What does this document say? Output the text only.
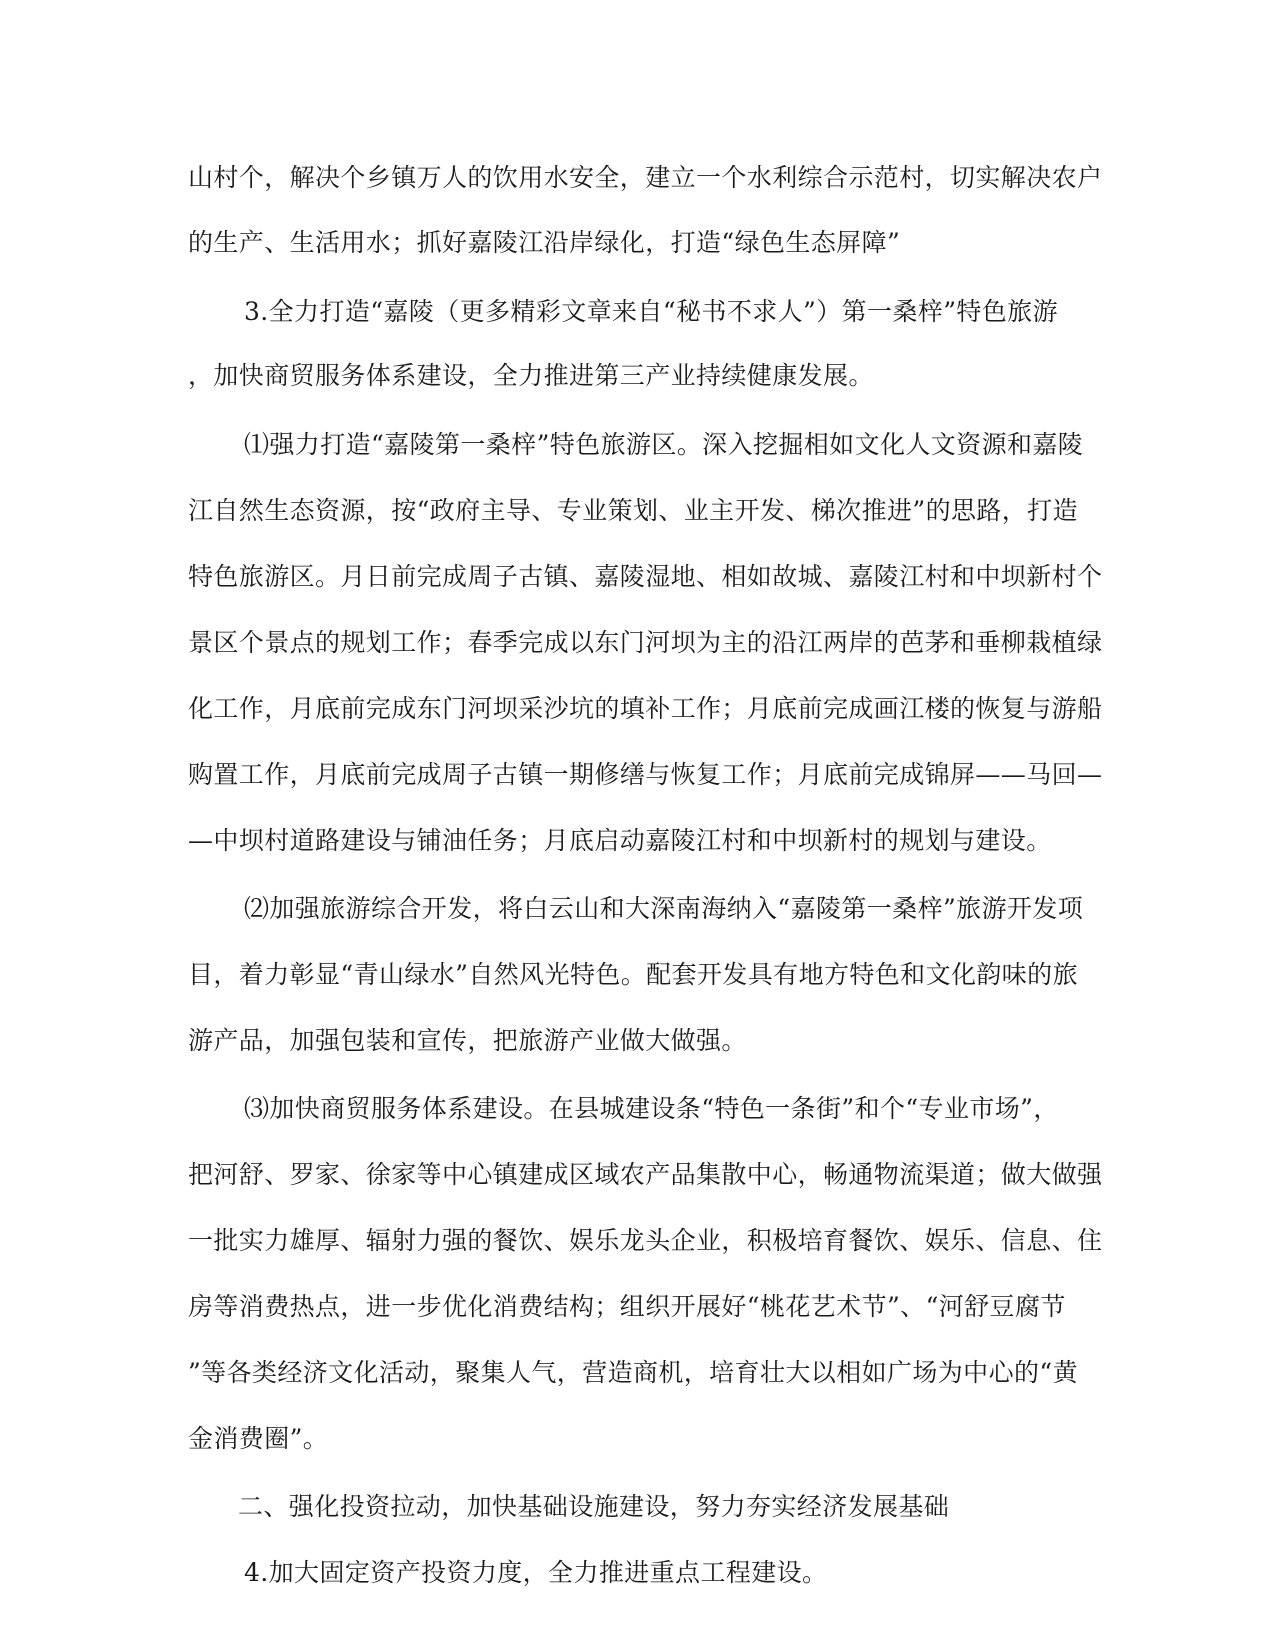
山村个，解决个乡镇万人的饮用水安全，建立一个水利综合示范村，切实解决农户
的生产、生活用水；抓好嘉陵江沿岸绿化，打造“绿色生态屏障”
3.全力打造“嘉陵（更多精彩文章来自“秘书不求人”）第一桑梓”特色旅游
，加快商贸服务体系建设，全力推进第三产业持续健康发展。
⑴强力打造“嘉陵第一桑梓”特色旅游区。深入挖掘相如文化人文资源和嘉陵
江自然生态资源，按“政府主导、专业策划、业主开发、梯次推进”的思路，打造
特色旅游区。月日前完成周子古镇、嘉陵湿地、相如故城、嘉陵江村和中坝新村个
景区个景点的规划工作；春季完成以东门河坝为主的沿江两岸的芭茅和垂柳栽植绿
化工作，月底前完成东门河坝采沙坑的填补工作；月底前完成画江楼的恢复与游船
购置工作，月底前完成周子古镇一期修缮与恢复工作；月底前完成锦屏——马回—
—中坝村道路建设与铺油任务；月底启动嘉陵江村和中坝新村的规划与建设。
⑵加强旅游综合开发，将白云山和大深南海纳入“嘉陵第一桑梓”旅游开发项
目，着力彰显“青山绿水”自然风光特色。配套开发具有地方特色和文化韵味的旅
游产品，加强包装和宣传，把旅游产业做大做强。
⑶加快商贸服务体系建设。在县城建设条“特色一条街”和个“专业市场”，
把河舒、罗家、徐家等中心镇建成区域农产品集散中心，畅通物流渠道；做大做强
一批实力雄厚、辐射力强的餐饮、娱乐龙头企业，积极培育餐饮、娱乐、信息、住
房等消费热点，进一步优化消费结构；组织开展好“桃花艺术节”、“河舒豆腐节
”等各类经济文化活动，聚集人气，营造商机，培育壮大以相如广场为中心的“黄
金消费圈”。
二、强化投资拉动，加快基础设施建设，努力夯实经济发展基础
4.加大固定资产投资力度，全力推进重点工程建设。
